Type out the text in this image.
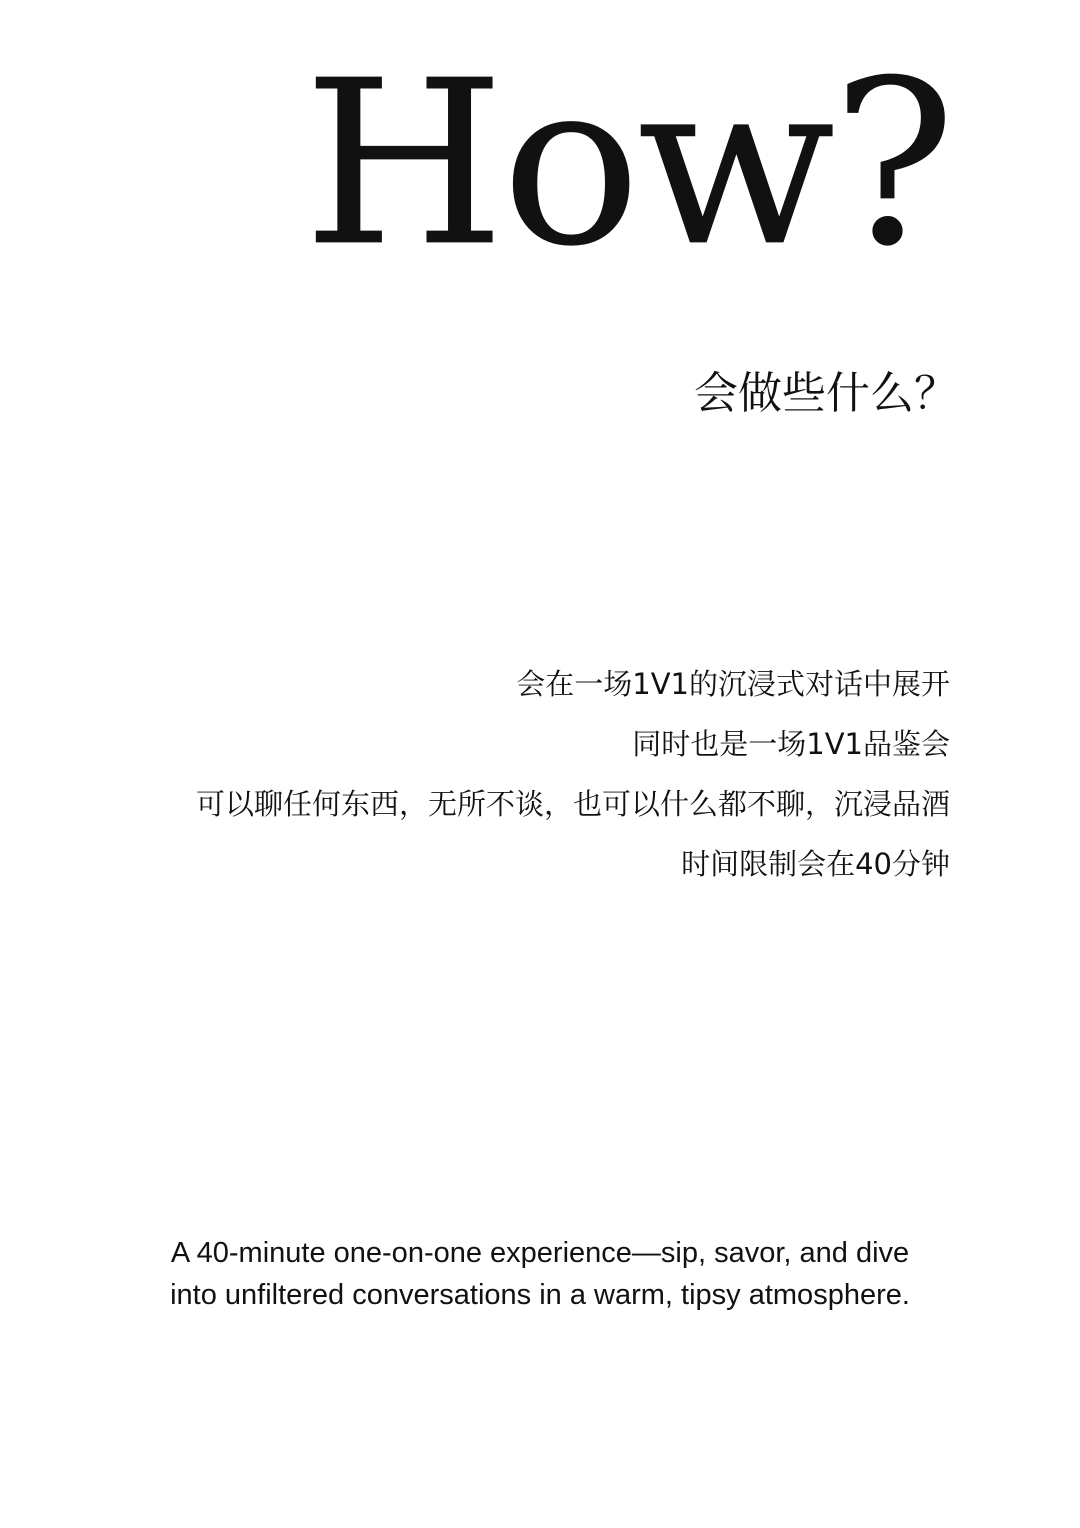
How?
会做些什么？
会在一场1V1的沉浸式对话中展开
同时也是一场1V1品鉴会
可以聊任何东西，无所不谈，也可以什么都不聊，沉浸品酒
时间限制会在40分钟
A 40-minute one-on-one experience—sip, savor, and dive
into unfiltered conversations in a warm, tipsy atmosphere.
